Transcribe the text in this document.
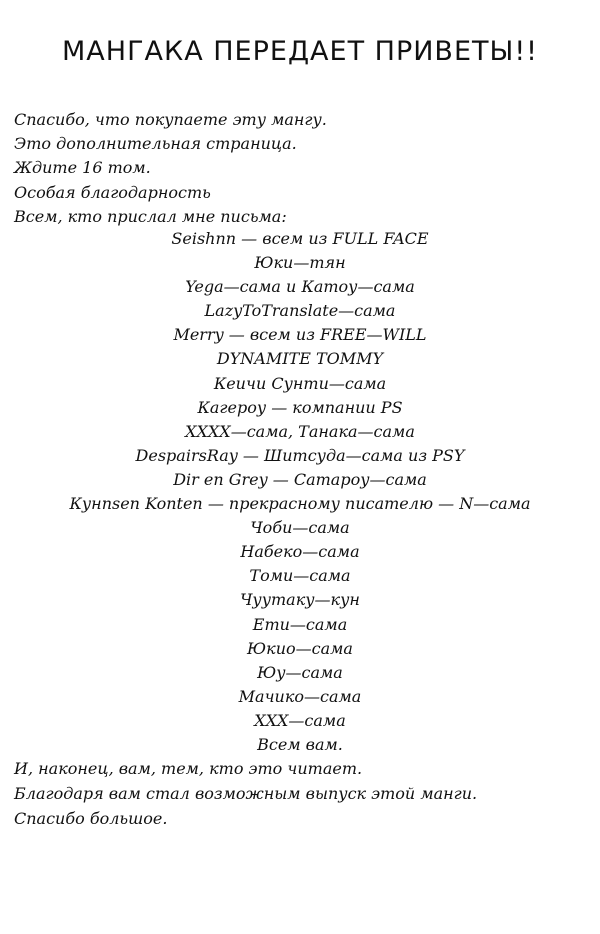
МАНГАКА ПЕРЕДАЕТ ПРИВЕТЫ!!
Спасибо, что покупаете эту мангу.
Это дополнительная страница.
Ждите 16 том.
Особая благодарность
Всем, кто прислал мне письма:
Seishnn — всем из FULL FACE
Юки—тян
Yega—сама и Катоу—сама
LazyToTranslate—сама
Merry — всем из FREE—WILL
DYNAMITE TOMMY
Кеичи Сунти—сама
Кагероу — компании PS
XXXX—сама, Танака—сама
DespairsRay — Шитсуда—сама из PSY
Dir en Grey — Сатароу—сама
Кунnsen Konten — прекрасному писателю — N—сама
Чоби—сама
Набеко—сама
Томи—сама
Чуутаку—кун
Ети—сама
Юкио—сама
Юу—сама
Мачико—сама
XXX—сама
Всем вам.
И, наконец, вам, тем, кто это читает.
Благодаря вам стал возможным выпуск этой манги.
Спасибо большое.
